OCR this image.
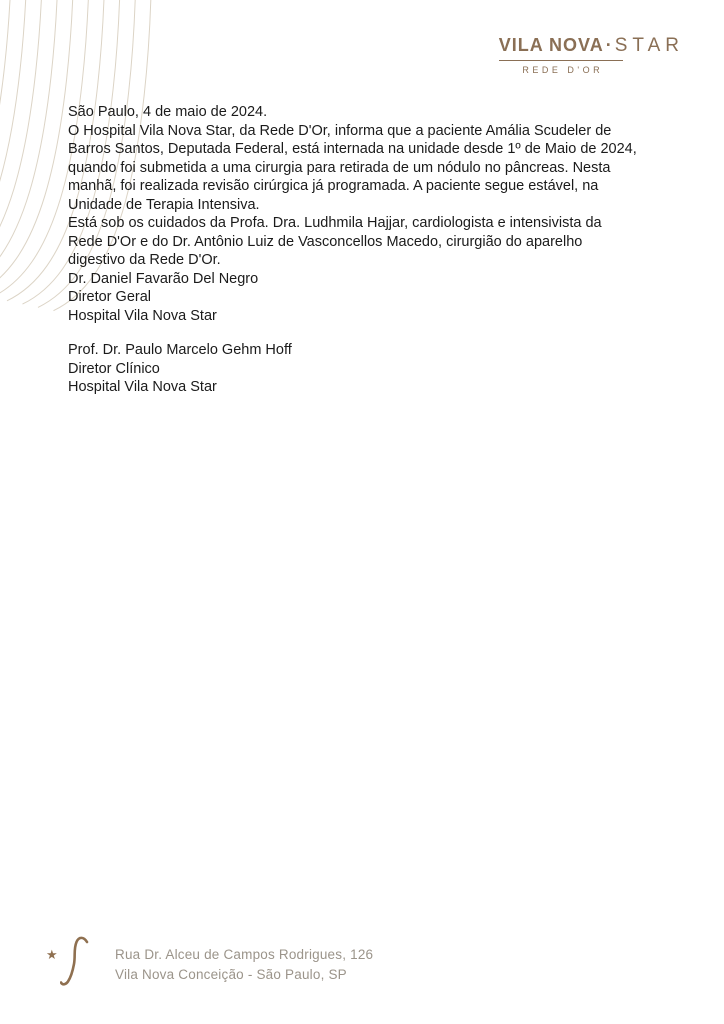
VILA NOVA · STAR
REDE D'OR

São Paulo, 4 de maio de 2024.

O Hospital Vila Nova Star, da Rede D'Or, informa que a paciente Amália Scudeler de Barros Santos, Deputada Federal, está internada na unidade desde 1º de Maio de 2024, quando foi submetida a uma cirurgia para retirada de um nódulo no pâncreas. Nesta manhã, foi realizada revisão cirúrgica já programada. A paciente segue estável, na Unidade de Terapia Intensiva.

Está sob os cuidados da Profa. Dra. Ludhmila Hajjar, cardiologista e intensivista da Rede D'Or e do Dr. Antônio Luiz de Vasconcellos Macedo, cirurgião do aparelho digestivo da Rede D'Or.

Dr. Daniel Favarão Del Negro
Diretor Geral
Hospital Vila Nova Star
Prof. Dr. Paulo Marcelo Gehm Hoff
Diretor Clínico
Hospital Vila Nova Star
★	Rua Dr. Alceu de Campos Rodrigues, 126
Vila Nova Conceição - São Paulo, SP
